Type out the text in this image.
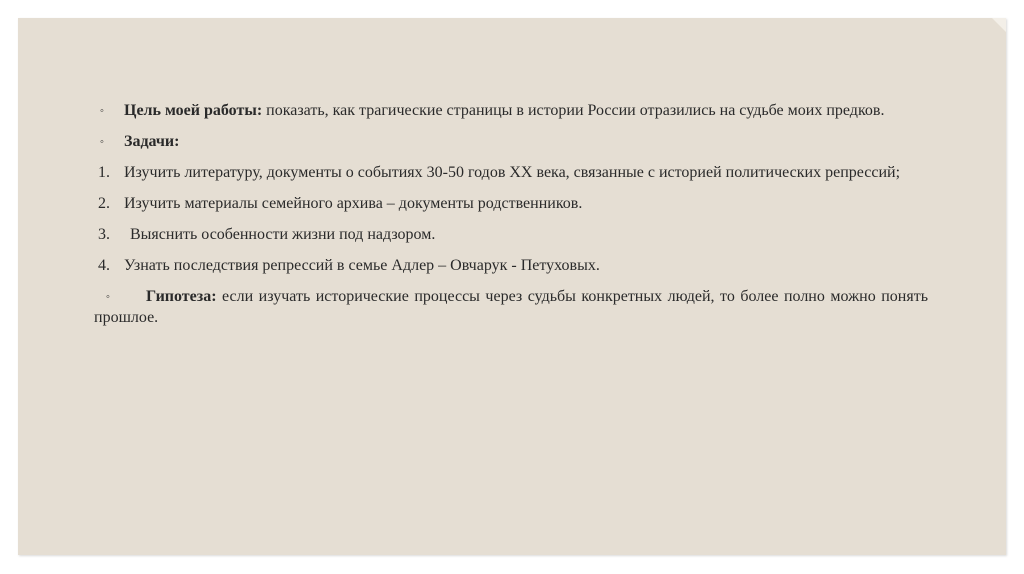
◦ Цель моей работы: показать, как трагические страницы в истории России отразились на судьбе моих предков.
◦ Задачи:
1. Изучить литературу, документы о событиях 30-50 годов XX века, связанные с историей политических репрессий;
2. Изучить материалы семейного архива – документы родственников.
3. Выяснить особенности жизни под надзором.
4. Узнать последствия репрессий в семье Адлер – Овчарук - Петуховых.
◦ Гипотеза: если изучать исторические процессы через судьбы конкретных людей, то более полно можно понять прошлое.
